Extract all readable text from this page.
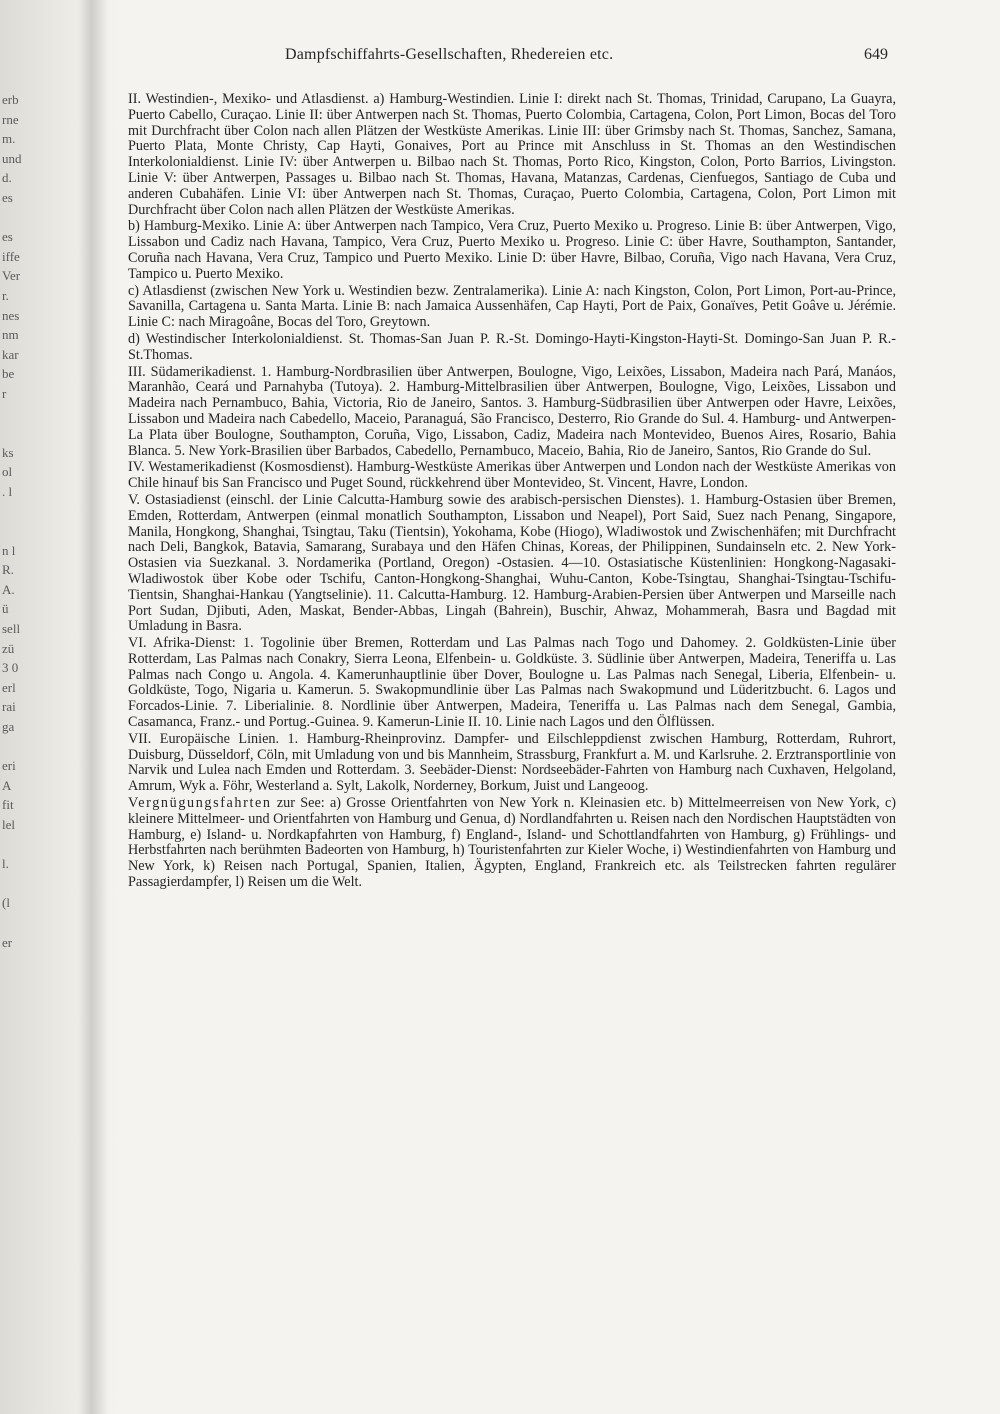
erb
rne
m.
und
d.
es

es
iffe
Ver
r.
nes
nm
kar
be
r

ks
ol
. l

n l
R.
A.
ü
sell
zü
3 0
erl
rai
ga

eri
A
fit
lel

l.

(l

er
Dampfschiffahrts-Gesellschaften, Rhedereien etc.	649

II. Westindien-, Mexiko- und Atlasdienst. a) Hamburg-Westindien. Linie I: direkt nach St. Thomas, Trinidad, Carupano, La Guayra, Puerto Cabello, Curaçao. Linie II: über Antwerpen nach St. Thomas, Puerto Colombia, Cartagena, Colon, Port Limon, Bocas del Toro mit Durchfracht über Colon nach allen Plätzen der Westküste Amerikas. Linie III: über Grimsby nach St. Thomas, Sanchez, Samana, Puerto Plata, Monte Christy, Cap Hayti, Gonaives, Port au Prince mit Anschluss in St. Thomas an den Westindischen Interkolonialdienst. Linie IV: über Antwerpen u. Bilbao nach St. Thomas, Porto Rico, Kingston, Colon, Porto Barrios, Livingston. Linie V: über Antwerpen, Passages u. Bilbao nach St. Thomas, Havana, Matanzas, Cardenas, Cienfuegos, Santiago de Cuba und anderen Cubahäfen. Linie VI: über Antwerpen nach St. Thomas, Curaçao, Puerto Colombia, Cartagena, Colon, Port Limon mit Durchfracht über Colon nach allen Plätzen der Westküste Amerikas.

b) Hamburg-Mexiko. Linie A: über Antwerpen nach Tampico, Vera Cruz, Puerto Mexiko u. Progreso. Linie B: über Antwerpen, Vigo, Lissabon und Cadiz nach Havana, Tampico, Vera Cruz, Puerto Mexiko u. Progreso. Linie C: über Havre, Southampton, Santander, Coruña nach Havana, Vera Cruz, Tampico und Puerto Mexiko. Linie D: über Havre, Bilbao, Coruña, Vigo nach Havana, Vera Cruz, Tampico u. Puerto Mexiko.

c) Atlasdienst (zwischen New York u. Westindien bezw. Zentralamerika). Linie A: nach Kingston, Colon, Port Limon, Port-au-Prince, Savanilla, Cartagena u. Santa Marta. Linie B: nach Jamaica Aussenhäfen, Cap Hayti, Port de Paix, Gonaïves, Petit Goâve u. Jérémie. Linie C: nach Miragoâne, Bocas del Toro, Greytown.

d) Westindischer Interkolonialdienst. St. Thomas-San Juan P. R.-St. Domingo-Hayti-Kingston-Hayti-St. Domingo-San Juan P. R.-St.Thomas.

III. Südamerikadienst. 1. Hamburg-Nordbrasilien über Antwerpen, Boulogne, Vigo, Leixões, Lissabon, Madeira nach Pará, Manáos, Maranhão, Ceará und Parnahyba (Tutoya). 2. Hamburg-Mittelbrasilien über Antwerpen, Boulogne, Vigo, Leixões, Lissabon und Madeira nach Pernambuco, Bahia, Victoria, Rio de Janeiro, Santos. 3. Hamburg-Südbrasilien über Antwerpen oder Havre, Leixões, Lissabon und Madeira nach Cabedello, Maceio, Paranaguá, São Francisco, Desterro, Rio Grande do Sul. 4. Hamburg- und Antwerpen-La Plata über Boulogne, Southampton, Coruña, Vigo, Lissabon, Cadiz, Madeira nach Montevideo, Buenos Aires, Rosario, Bahia Blanca. 5. New York-Brasilien über Barbados, Cabedello, Pernambuco, Maceio, Bahia, Rio de Janeiro, Santos, Rio Grande do Sul.

IV. Westamerikadienst (Kosmosdienst). Hamburg-Westküste Amerikas über Antwerpen und London nach der Westküste Amerikas von Chile hinauf bis San Francisco und Puget Sound, rückkehrend über Montevideo, St. Vincent, Havre, London.

V. Ostasiadienst (einschl. der Linie Calcutta-Hamburg sowie des arabisch-persischen Dienstes). 1. Hamburg-Ostasien über Bremen, Emden, Rotterdam, Antwerpen (einmal monatlich Southampton, Lissabon und Neapel), Port Said, Suez nach Penang, Singapore, Manila, Hongkong, Shanghai, Tsingtau, Taku (Tientsin), Yokohama, Kobe (Hiogo), Wladiwostok und Zwischenhäfen; mit Durchfracht nach Deli, Bangkok, Batavia, Samarang, Surabaya und den Häfen Chinas, Koreas, der Philippinen, Sundainseln etc. 2. New York-Ostasien via Suezkanal. 3. Nordamerika (Portland, Oregon) -Ostasien. 4—10. Ostasiatische Küstenlinien: Hongkong-Nagasaki-Wladiwostok über Kobe oder Tschifu, Canton-Hongkong-Shanghai, Wuhu-Canton, Kobe-Tsingtau, Shanghai-Tsingtau-Tschifu-Tientsin, Shanghai-Hankau (Yangtselinie). 11. Calcutta-Hamburg. 12. Hamburg-Arabien-Persien über Antwerpen und Marseille nach Port Sudan, Djibuti, Aden, Maskat, Bender-Abbas, Lingah (Bahrein), Buschir, Ahwaz, Mohammerah, Basra und Bagdad mit Umladung in Basra.

VI. Afrika-Dienst: 1. Togolinie über Bremen, Rotterdam und Las Palmas nach Togo und Dahomey. 2. Goldküsten-Linie über Rotterdam, Las Palmas nach Conakry, Sierra Leona, Elfenbein- u. Goldküste. 3. Südlinie über Antwerpen, Madeira, Teneriffa u. Las Palmas nach Congo u. Angola. 4. Kamerunhauptlinie über Dover, Boulogne u. Las Palmas nach Senegal, Liberia, Elfenbein- u. Goldküste, Togo, Nigaria u. Kamerun. 5. Swakopmundlinie über Las Palmas nach Swakopmund und Lüderitzbucht. 6. Lagos und Forcados-Linie. 7. Liberialinie. 8. Nordlinie über Antwerpen, Madeira, Teneriffa u. Las Palmas nach dem Senegal, Gambia, Casamanca, Franz.- und Portug.-Guinea. 9. Kamerun-Linie II. 10. Linie nach Lagos und den Ölflüssen.

VII. Europäische Linien. 1. Hamburg-Rheinprovinz. Dampfer- und Eilschleppdienst zwischen Hamburg, Rotterdam, Ruhrort, Duisburg, Düsseldorf, Cöln, mit Umladung von und bis Mannheim, Strassburg, Frankfurt a. M. und Karlsruhe. 2. Erztransportlinie von Narvik und Lulea nach Emden und Rotterdam. 3. Seebäder-Dienst: Nordseebäder-Fahrten von Hamburg nach Cuxhaven, Helgoland, Amrum, Wyk a. Föhr, Westerland a. Sylt, Lakolk, Norderney, Borkum, Juist und Langeoog.

Vergnügungsfahrten zur See: a) Grosse Orientfahrten von New York n. Kleinasien etc. b) Mittelmeerreisen von New York, c) kleinere Mittelmeer- und Orientfahrten von Hamburg und Genua, d) Nordlandfahrten u. Reisen nach den Nordischen Hauptstädten von Hamburg, e) Island- u. Nordkapfahrten von Hamburg, f) England-, Island- und Schottlandfahrten von Hamburg, g) Frühlings- und Herbstfahrten nach berühmten Badeorten von Hamburg, h) Touristenfahrten zur Kieler Woche, i) Westindienfahrten von Hamburg und New York, k) Reisen nach Portugal, Spanien, Italien, Ägypten, England, Frankreich etc. als Teilstrecken fahrten regulärer Passagierdampfer, l) Reisen um die Welt.
